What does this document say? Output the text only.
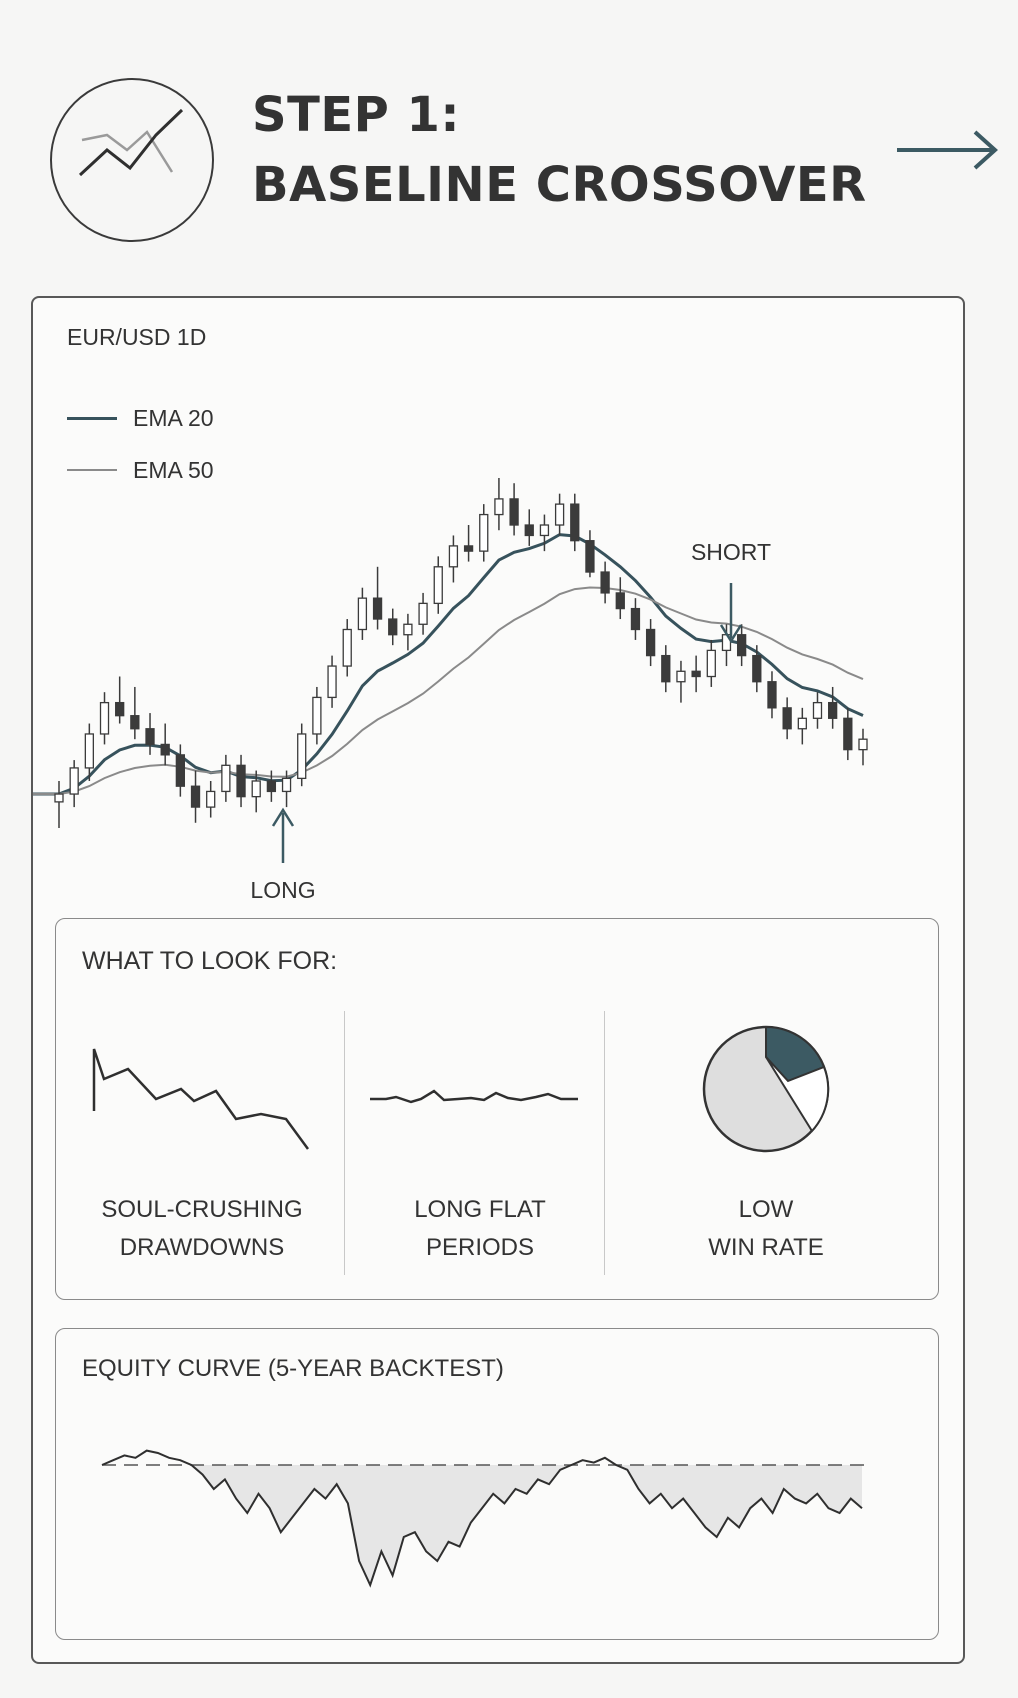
STEP 1:
BASELINE CROSSOVER
EUR/USD 1D
EMA 20
EMA 50
LONG
SHORT
WHAT TO LOOK FOR:
SOUL-CRUSHING
DRAWDOWNS
LONG FLAT
PERIODS
LOW
WIN RATE
EQUITY CURVE (5-YEAR BACKTEST)
